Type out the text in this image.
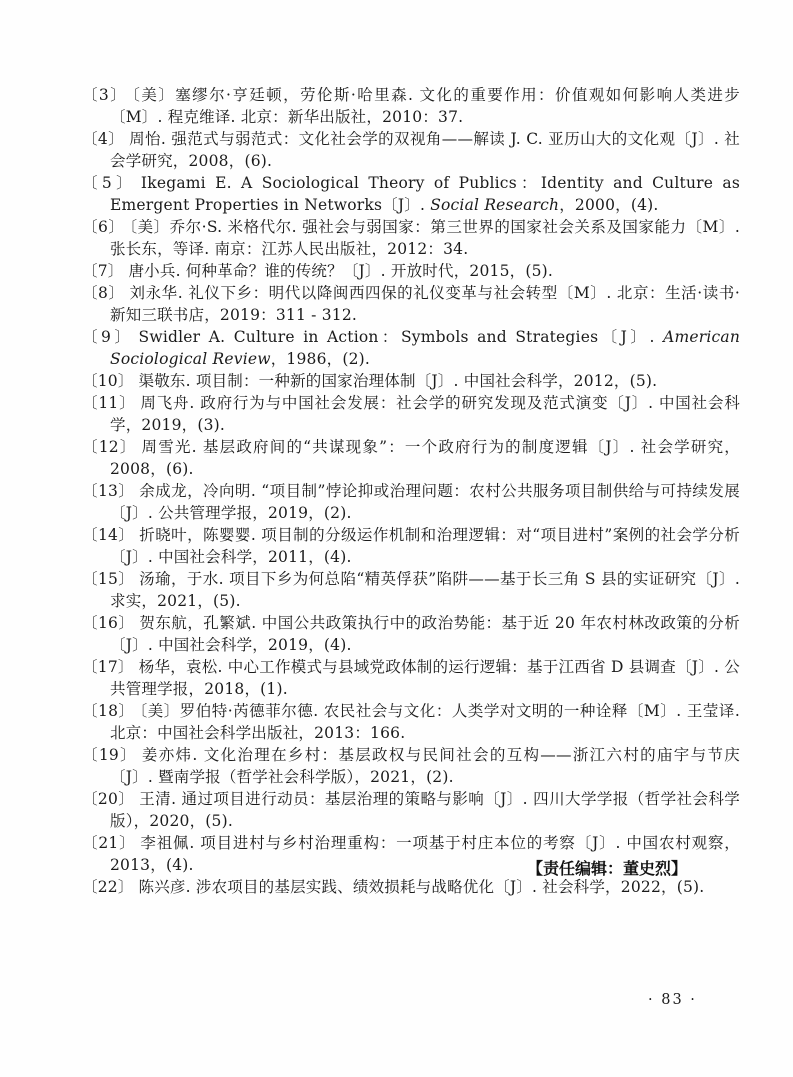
〔3〕 〔美〕塞缪尔·亨廷顿，劳伦斯·哈里森. 文化的重要作用：价值观如何影响人类进步〔M〕. 程克维译. 北京：新华出版社，2010：37.
〔4〕 周怡. 强范式与弱范式：文化社会学的双视角——解读 J. C. 亚历山大的文化观〔J〕. 社会学研究，2008，(6).
〔5〕 Ikegami E. A Sociological Theory of Publics：Identity and Culture as Emergent Properties in Networks〔J〕. Social Research，2000，(4).
〔6〕 〔美〕乔尔·S. 米格代尔. 强社会与弱国家：第三世界的国家社会关系及国家能力〔M〕. 张长东，等译. 南京：江苏人民出版社，2012：34.
〔7〕 唐小兵. 何种革命？谁的传统？〔J〕. 开放时代，2015，(5).
〔8〕 刘永华. 礼仪下乡：明代以降闽西四保的礼仪变革与社会转型〔M〕. 北京：生活·读书·新知三联书店，2019：311 - 312.
〔9〕 Swidler A. Culture in Action：Symbols and Strategies〔J〕. American Sociological Review，1986，(2).
〔10〕 渠敬东. 项目制：一种新的国家治理体制〔J〕. 中国社会科学，2012，(5).
〔11〕 周飞舟. 政府行为与中国社会发展：社会学的研究发现及范式演变〔J〕. 中国社会科学，2019，(3).
〔12〕 周雪光. 基层政府间的“共谋现象”：一个政府行为的制度逻辑〔J〕. 社会学研究，2008，(6).
〔13〕 余成龙，冷向明. “项目制”悖论抑或治理问题：农村公共服务项目制供给与可持续发展〔J〕. 公共管理学报，2019，(2).
〔14〕 折晓叶，陈婴婴. 项目制的分级运作机制和治理逻辑：对“项目进村”案例的社会学分析〔J〕. 中国社会科学，2011，(4).
〔15〕 汤瑜，于水. 项目下乡为何总陷“精英俘获”陷阱——基于长三角 S 县的实证研究〔J〕. 求实，2021，(5).
〔16〕 贺东航，孔繁斌. 中国公共政策执行中的政治势能：基于近 20 年农村林改政策的分析〔J〕. 中国社会科学，2019，(4).
〔17〕 杨华，袁松. 中心工作模式与县域党政体制的运行逻辑：基于江西省 D 县调查〔J〕. 公共管理学报，2018，(1).
〔18〕 〔美〕罗伯特·芮德菲尔德. 农民社会与文化：人类学对文明的一种诠释〔M〕. 王莹译. 北京：中国社会科学出版社，2013：166.
〔19〕 姜亦炜. 文化治理在乡村：基层政权与民间社会的互构——浙江六村的庙宇与节庆〔J〕. 暨南学报（哲学社会科学版），2021，(2).
〔20〕 王清. 通过项目进行动员：基层治理的策略与影响〔J〕. 四川大学学报（哲学社会科学版），2020，(5).
〔21〕 李祖佩. 项目进村与乡村治理重构：一项基于村庄本位的考察〔J〕. 中国农村观察，2013，(4).
〔22〕 陈兴彦. 涉农项目的基层实践、绩效损耗与战略优化〔J〕. 社会科学，2022，(5).
【责任编辑：董史烈】
· 83 ·
